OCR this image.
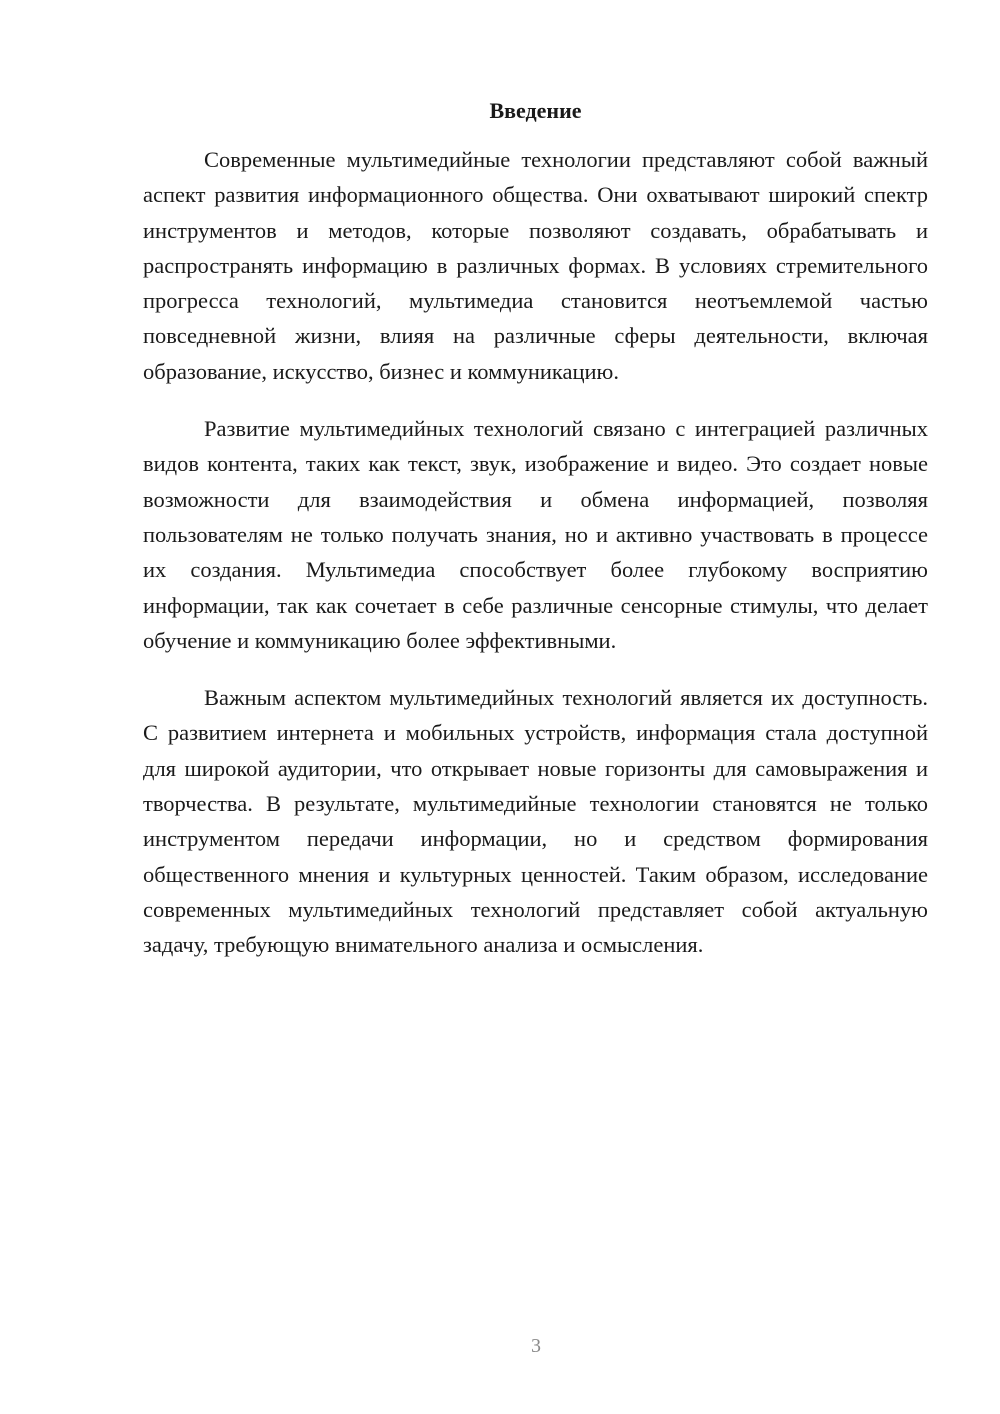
Введение

Современные мультимедийные технологии представляют собой важный аспект развития информационного общества. Они охватывают широкий спектр инструментов и методов, которые позволяют создавать, обрабатывать и распространять информацию в различных формах. В условиях стремительного прогресса технологий, мультимедиа становится неотъемлемой частью повседневной жизни, влияя на различные сферы деятельности, включая образование, искусство, бизнес и коммуникацию.

Развитие мультимедийных технологий связано с интеграцией различных видов контента, таких как текст, звук, изображение и видео. Это создает новые возможности для взаимодействия и обмена информацией, позволяя пользователям не только получать знания, но и активно участвовать в процессе их создания. Мультимедиа способствует более глубокому восприятию информации, так как сочетает в себе различные сенсорные стимулы, что делает обучение и коммуникацию более эффективными.

Важным аспектом мультимедийных технологий является их доступность. С развитием интернета и мобильных устройств, информация стала доступной для широкой аудитории, что открывает новые горизонты для самовыражения и творчества. В результате, мультимедийные технологии становятся не только инструментом передачи информации, но и средством формирования общественного мнения и культурных ценностей. Таким образом, исследование современных мультимедийных технологий представляет собой актуальную задачу, требующую внимательного анализа и осмысления.

3
